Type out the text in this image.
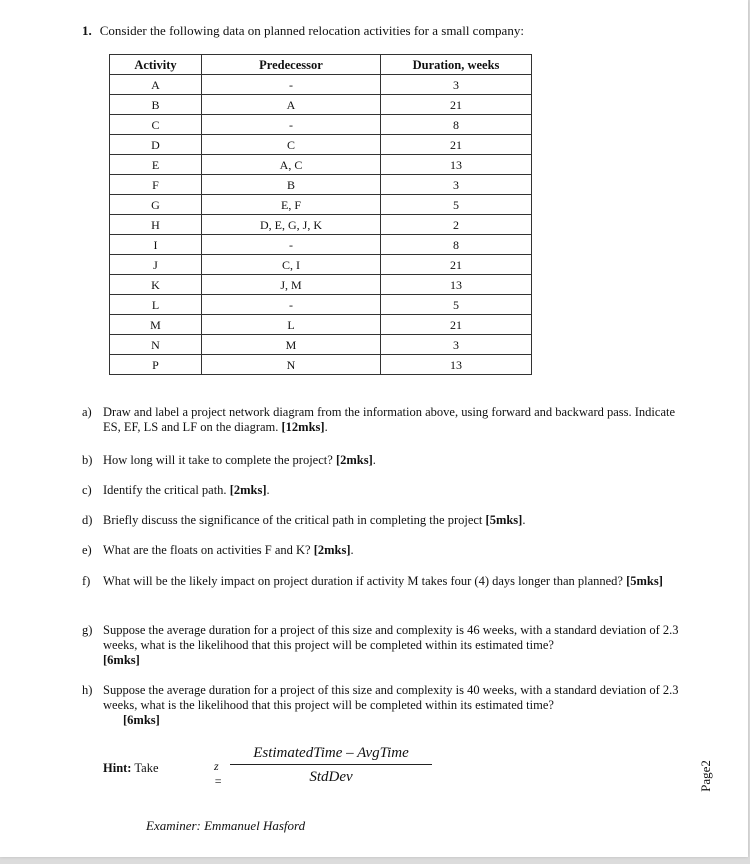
1. Consider the following data on planned relocation activities for a small company:
Activity	Predecessor	Duration, weeks
A	-	3
B	A	21
C	-	8
D	C	21
E	A, C	13
F	B	3
G	E, F	5
H	D, E, G, J, K	2
I	-	8
J	C, I	21
K	J, M	13
L	-	5
M	L	21
N	M	3
P	N	13
a) Draw and label a project network diagram from the information above, using forward and backward pass. Indicate ES, EF, LS and LF on the diagram. [12mks].
b) How long will it take to complete the project? [2mks].
c) Identify the critical path. [2mks].
d) Briefly discuss the significance of the critical path in completing the project [5mks].
e) What are the floats on activities F and K? [2mks].
f) What will be the likely impact on project duration if activity M takes four (4) days longer than planned? [5mks]
g) Suppose the average duration for a project of this size and complexity is 46 weeks, with a standard deviation of 2.3 weeks, what is the likelihood that this project will be completed within its estimated time?
[6mks]
h) Suppose the average duration for a project of this size and complexity is 40 weeks, with a standard deviation of 2.3 weeks, what is the likelihood that this project will be completed within its estimated time?
[6mks]
Hint: Take	z =
EstimatedTime – AvgTime
StdDev
Examiner: Emmanuel Hasford
Page2
